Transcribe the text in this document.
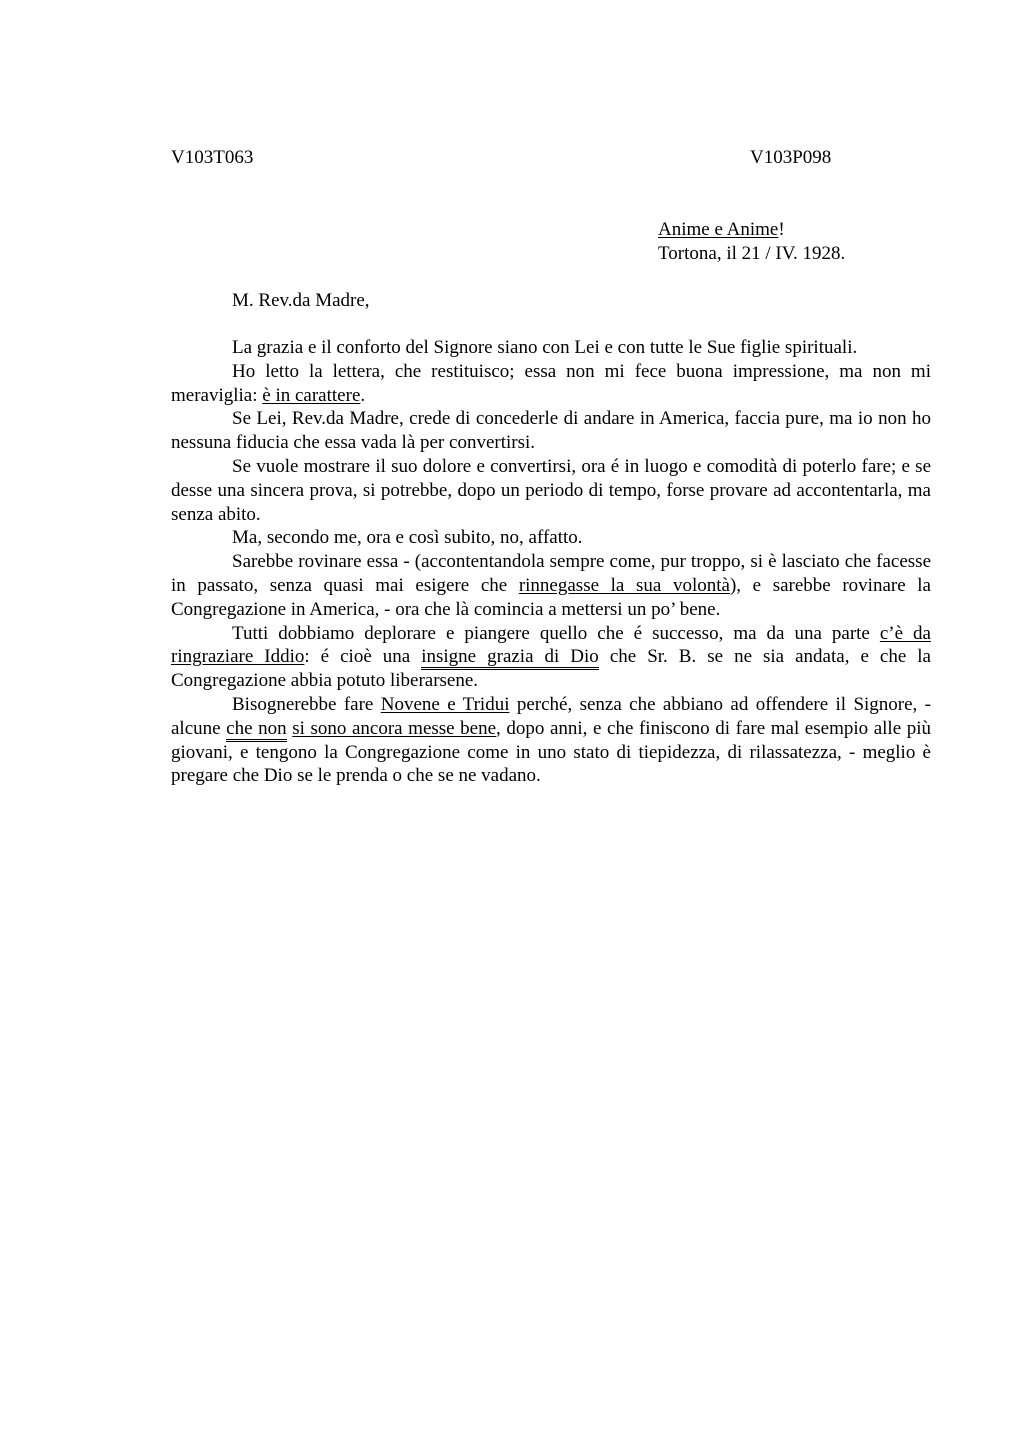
V103T063	V103P098
Anime e Anime!
Tortona, il 21 / IV. 1928.
M. Rev.da Madre,

La grazia e il conforto del Signore siano con Lei e con tutte le Sue figlie spirituali.

Ho letto la lettera, che restituisco; essa non mi fece buona impressione, ma non mi meraviglia: è in carattere.

Se Lei, Rev.da Madre, crede di concederle di andare in America, faccia pure, ma io non ho nessuna fiducia che essa vada là per convertirsi.

Se vuole mostrare il suo dolore e convertirsi, ora é in luogo e comodità di poterlo fare; e se desse una sincera prova, si potrebbe, dopo un periodo di tempo, forse provare ad accontentarla, ma senza abito.

Ma, secondo me, ora e così subito, no, affatto.

Sarebbe rovinare essa - (accontentandola sempre come, pur troppo, si è lasciato che facesse in passato, senza quasi mai esigere che rinnegasse la sua volontà), e sarebbe rovinare la Congregazione in America, - ora che là comincia a mettersi un po’ bene.

Tutti dobbiamo deplorare e piangere quello che é successo, ma da una parte c’è da ringraziare Iddio: é cioè una insigne grazia di Dio che Sr. B. se ne sia andata, e che la Congregazione abbia potuto liberarsene.

Bisognerebbe fare Novene e Tridui perché, senza che abbiano ad offendere il Signore, - alcune che non si sono ancora messe bene, dopo anni, e che finiscono di fare mal esempio alle più giovani, e tengono la Congregazione come in uno stato di tiepidezza, di rilassatezza, - meglio è pregare che Dio se le prenda o che se ne vadano.
